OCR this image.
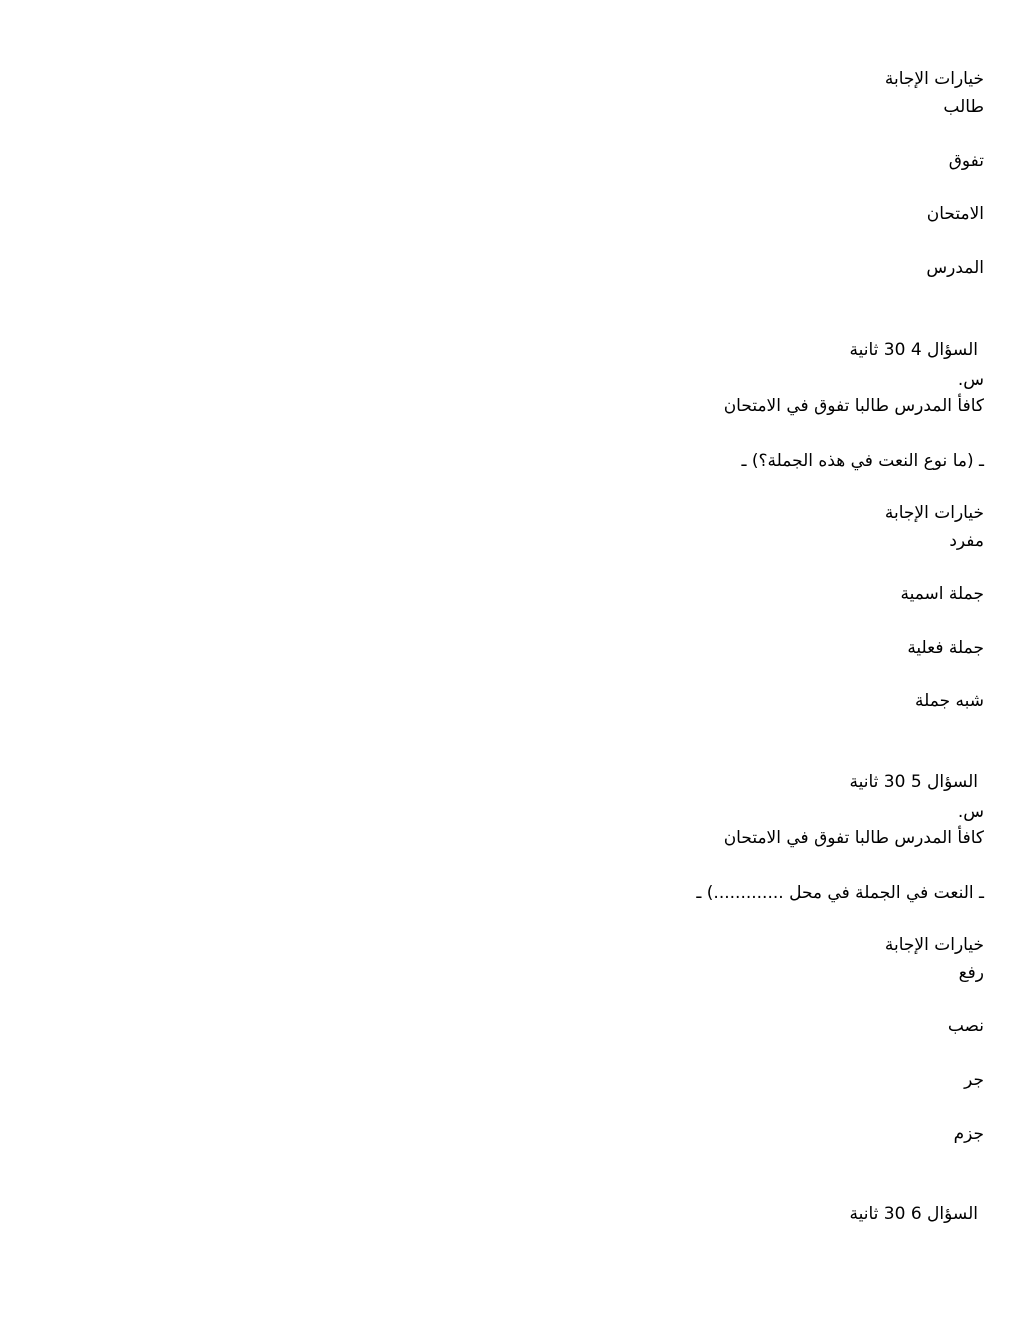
خيارات الإجابة
طالب
تفوق
الامتحان
المدرس
السؤال 4 30 ثانية
س.
كافأ المدرس طالبا تفوق في الامتحان
ـ (ما نوع النعت في هذه الجملة؟) ـ
خيارات الإجابة
مفرد
جملة اسمية
جملة فعلية
شبه جملة
السؤال 5 30 ثانية
س.
كافأ المدرس طالبا تفوق في الامتحان
ـ النعت في الجملة في محل .............) ـ
خيارات الإجابة
رفع
نصب
جر
جزم
السؤال 6 30 ثانية
